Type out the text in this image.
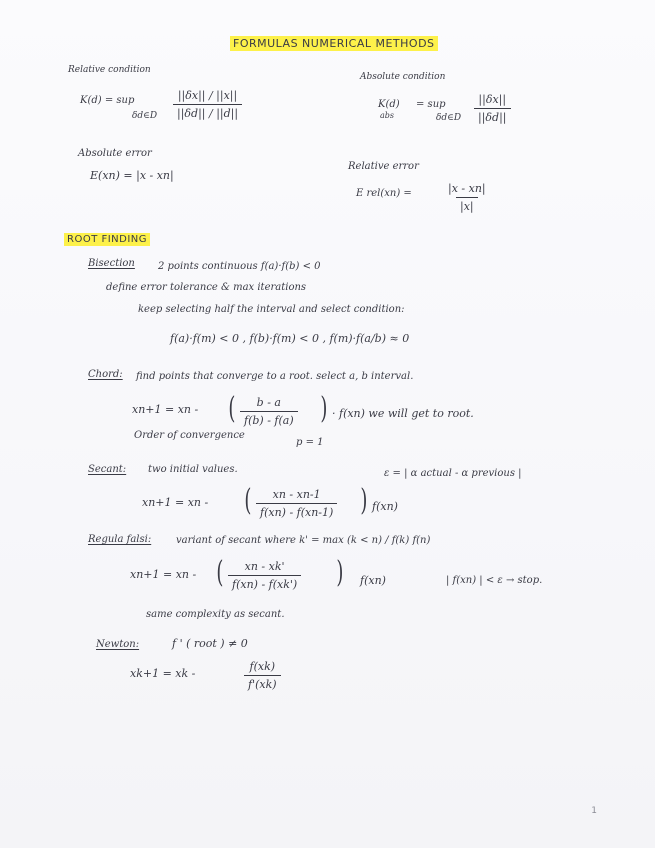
FORMULAS NUMERICAL METHODS
Relative condition
K(d) = sup
δd∈D $\frac{||\delta x|| / ||x||}{||\delta d|| / ||d||}$
Absolute condition
K(d)
abs
= sup
δd∈D $\frac{||\delta x||}{||\delta d||}$
Absolute error
E(xn) = |x - xn|
Relative error
E rel(xn) =	$\frac{|x - xn|}{|x|}$
ROOT FINDING
Bisection 2 points continuous f(a)·f(b) < 0
define error tolerance & max iterations
keep selecting half the interval and select condition:
f(a)·f(m) < 0 , f(b)·f(m) < 0 , f(m)·f(a/b) ≈ 0
Chord: find points that converge to a root. select a, b interval.
xn+1 = xn - ( $\frac{b - a}{f(b) - f(a)}$ ) · f(xn) we will get to root.
Order of convergence
p = 1
Secant: two initial values.	ε = | α actual - α previous |
xn+1 = xn - ( $\frac{xn - xn-1}{f(xn) - f(xn-1)}$ ) f(xn)
Regula falsi: variant of secant where k' = max (k < n) / f(k) f(n)
xn+1 = xn - ( $\frac{xn - xk'}{f(xn) - f(xk')}$ ) f(xn)	| f(xn) | < ε → stop.
same complexity as secant.
Newton:	f ' ( root ) ≠ 0
xk+1 = xk -	$\frac{f(xk)}{f'(xk)}$
1
